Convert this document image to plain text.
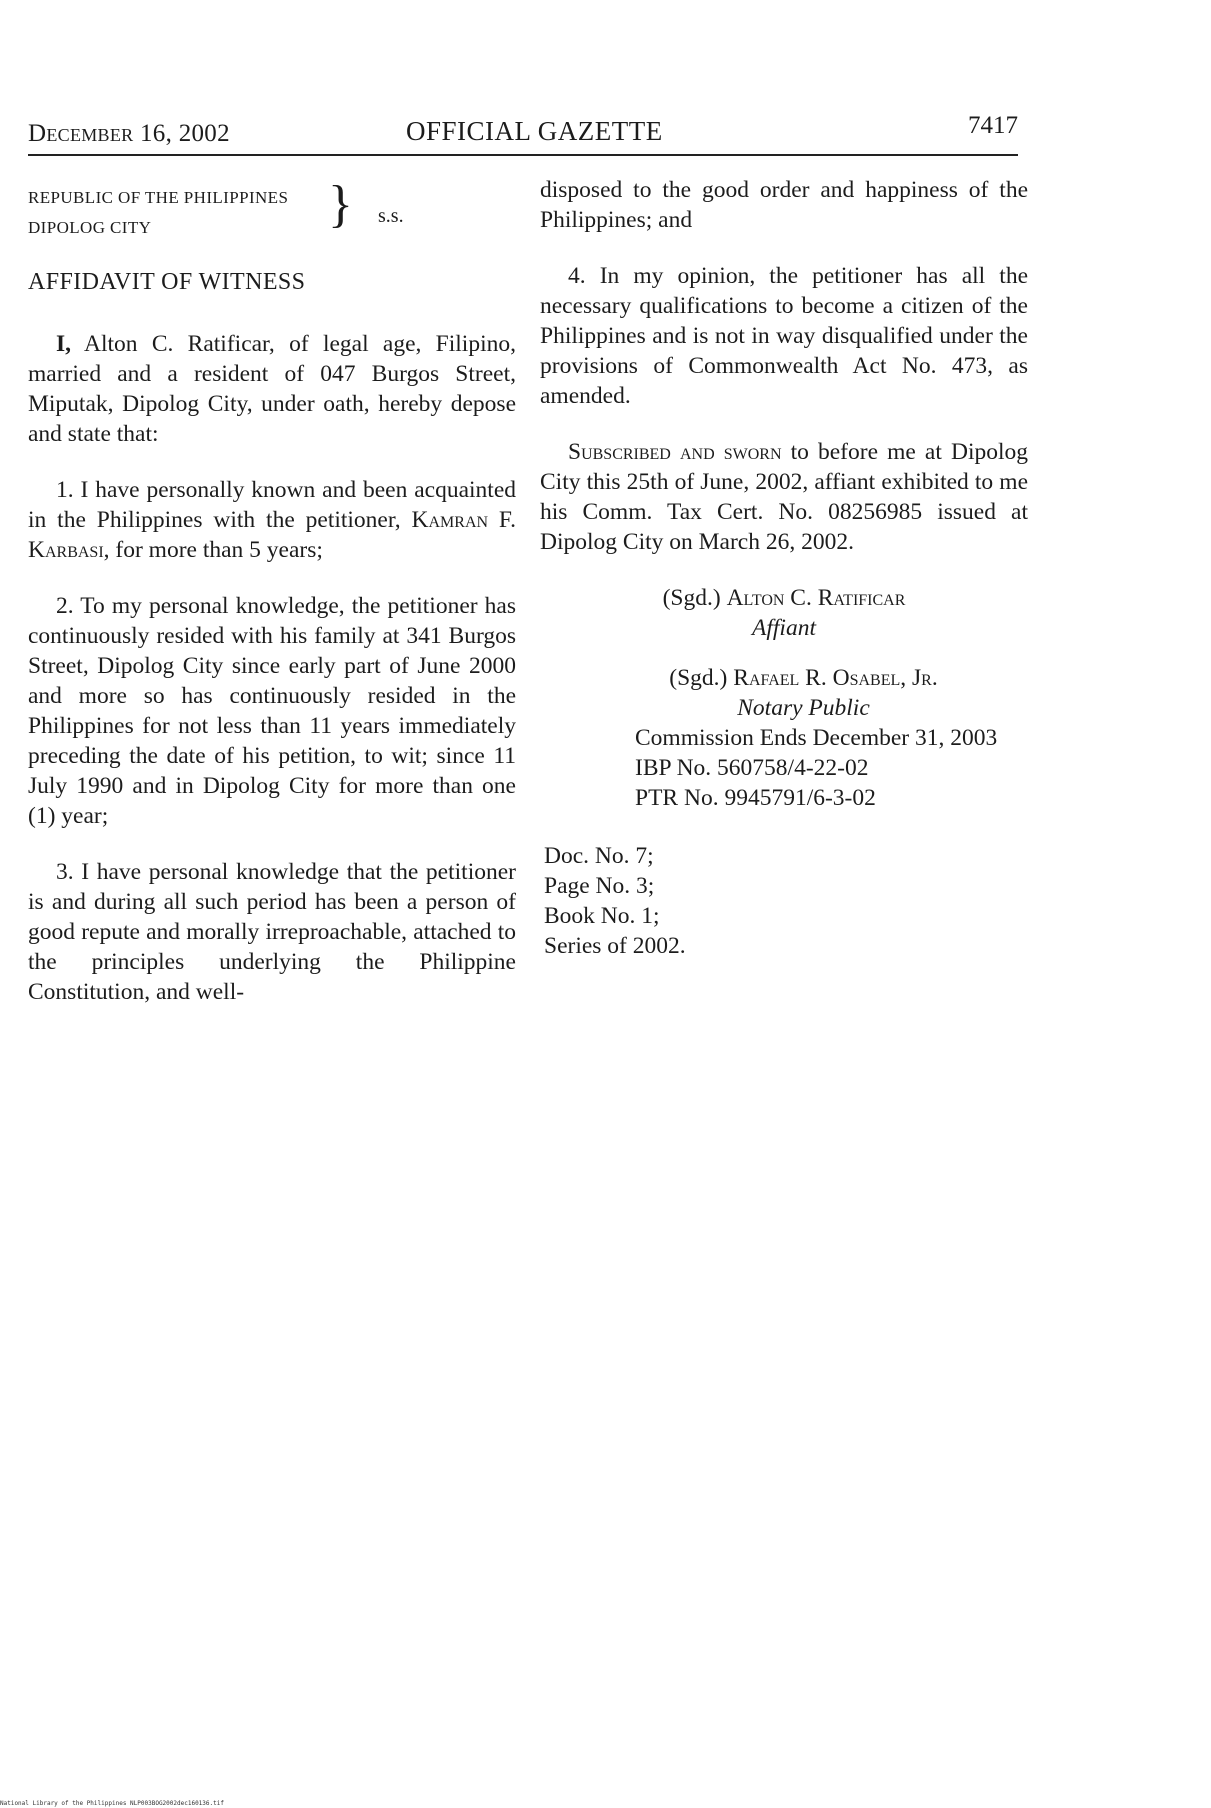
December 16, 2002	OFFICIAL GAZETTE	7417
REPUBLIC OF THE PHILIPPINES
DIPOLOG CITY	} s.s.
AFFIDAVIT OF WITNESS

I, Alton C. Ratificar, of legal age, Filipino, married and a resident of 047 Burgos Street, Miputak, Dipolog City, under oath, hereby depose and state that:

1. I have personally known and been acquainted in the Philippines with the petitioner, Kamran F. Karbasi, for more than 5 years;

2. To my personal knowledge, the petitioner has continuously resided with his family at 341 Burgos Street, Dipolog City since early part of June 2000 and more so has continuously resided in the Philippines for not less than 11 years immediately preceding the date of his petition, to wit; since 11 July 1990 and in Dipolog City for more than one (1) year;

3. I have personal knowledge that the petitioner is and during all such period has been a person of good repute and morally irreproachable, attached to the principles underlying the Philippine Constitution, and well-

disposed to the good order and happiness of the Philippines; and

4. In my opinion, the petitioner has all the necessary qualifications to become a citizen of the Philippines and is not in way disqualified under the provisions of Commonwealth Act No. 473, as amended.

Subscribed and sworn to before me at Dipolog City this 25th of June, 2002, affiant exhibited to me his Comm. Tax Cert. No. 08256985 issued at Dipolog City on March 26, 2002.

(Sgd.) Alton C. Ratificar
Affiant
(Sgd.) Rafael R. Osabel, Jr.
Notary Public
Commission Ends December 31, 2003
IBP No. 560758/4-22-02
PTR No. 9945791/6-3-02
Doc. No. 7;
Page No. 3;
Book No. 1;
Series of 2002.
National Library of the Philippines NLP003BOG2002dec160136.tif
